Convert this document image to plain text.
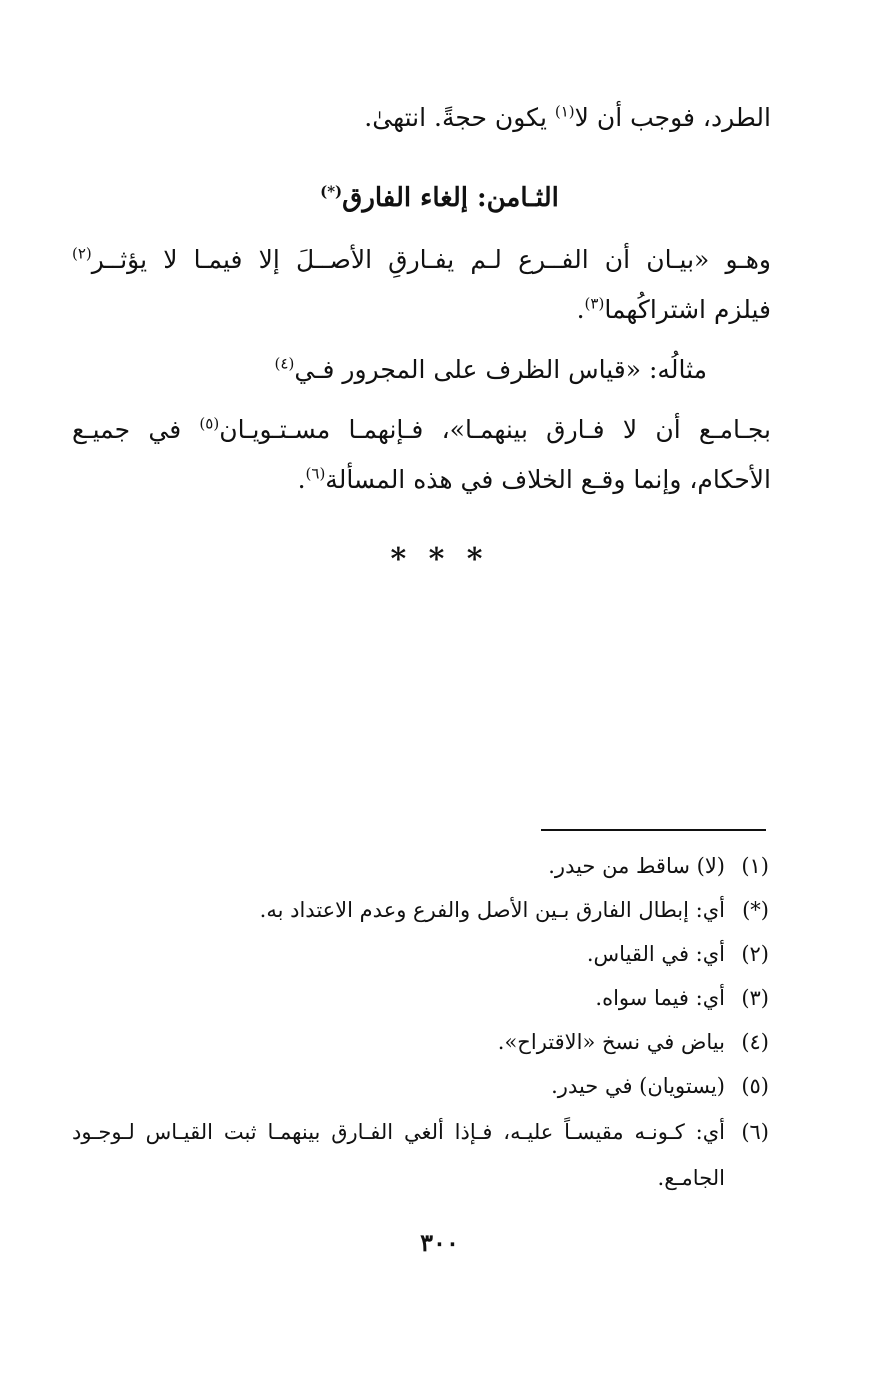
الطرد، فوجب أن لا$^{(١)}$ يكون حجةً. انتهىٰ.
الثـامن: إلغاء الفارق(*)
وهـو «بيـان أن الفــرع لـم يفـارقِ الأصــلَ إلا فيمـا لا يؤثــر$^{(٢)}$
فيلزم اشتراكُهما$^{(٣)}$.
مثالُه: «قياس الظرف على المجرور فـي$^{(٤)}$
بجـامـع أن لا فـارق بينهمـا»، فـإنهمـا مسـتـويـان$^{(٥)}$ في جميـع
الأحكام، وإنما وقـع الخلاف في هذه المسألة$^{(٦)}$.
* * *
(١)
(لا) ساقط من حيدر.
(*)
أي: إبطال الفارق بـين الأصل والفرع وعدم الاعتداد به.
(٢)
أي: في القياس.
(٣)
أي: فيما سواه.
(٤)
بياض في نسخ «الاقتراح».
(٥)
(يستويان) في حيدر.
(٦)
أي: كـونـه مقيسـاً عليـه، فـإذا ألغي الفـارق بينهمـا ثبت القيـاس لـوجـود
الجامـع.
٣٠٠
